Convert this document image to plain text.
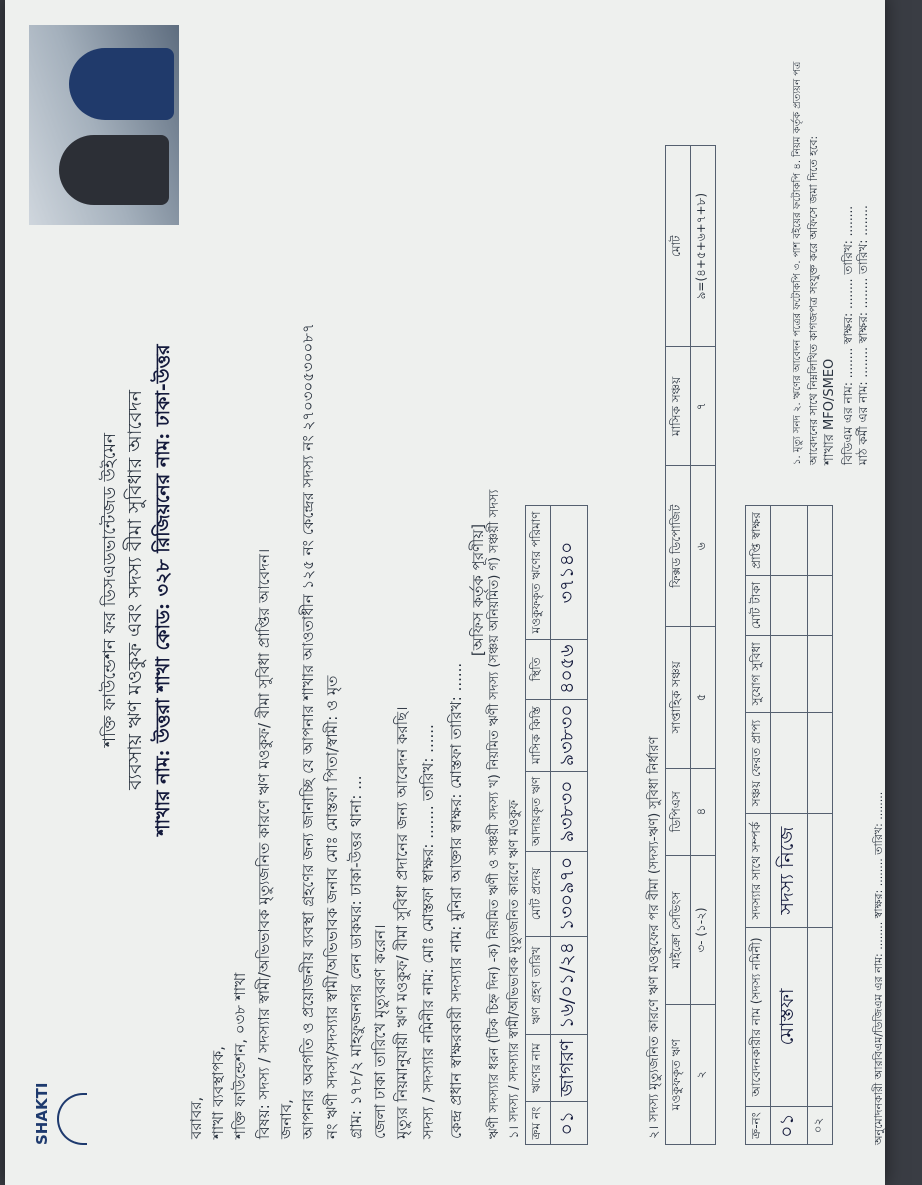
SHAKTI
শক্তি ফাউন্ডেশন ফর ডিসএডভান্টেজড উইমেন ব্যবসায় ঋণ মওকুফ এবং সদস্য বীমা সুবিধার আবেদন শাখার নাম: উত্তরা শাখা কোড: ৩২৮ রিজিয়নের নাম: ঢাকা-উত্তর
বরাবর, শাখা ব্যবস্থাপক, শক্তি ফাউন্ডেশন, ০৩৮ শাখা বিষয়: সদস্য / সদস্যার স্বামী/অভিভাবক মৃত্যুজনিত কারণে ঋণ মওকুফ/ বীমা সুবিধা প্রাপ্তির আবেদন। জনাব, আপনার অবগতি ও প্রয়োজনীয় ব্যবস্থা গ্রহণের জন্য জানাচ্ছি যে আপনার শাখার আওতাধীন ১২৫ নং কেন্দ্রের সদস্য নং ২৭০৩০৫৩০০৮৭ নং ঋণী সদস্য/সদস্যার স্বামী/অভিভাবক জনাব মোঃ মোস্তফা পিতা/স্বামী: ও মৃত গ্রাম: ১৭৮/২ মাহফুজনগর লেন ডাকঘর: ঢাকা-উত্তর থানা: ... জেলা ঢাকা তারিখে মৃত্যুবরণ করেন। মৃত্যুর নিয়মানুযায়ী ঋণ মওকুফ/ বীমা সুবিধা প্রদানের জন্য আবেদন করছি। সদস্য / সদস্যার নমিনীর নাম: মোঃ মোস্তফা স্বাক্ষর: ....... তারিখ: ...... কেন্দ্র প্রধান স্বাক্ষরকারী সদস্যার নাম: মুনিরা আক্তার স্বাক্ষর: মোস্তফা তারিখ: ......
[অফিস কর্তৃক পূরণীয়] ঋণী সদস্যার ধরন (টিক চিহ্ন দিন) -ক) নিয়মিত ঋণী ও সঞ্চয়ী সদস্য খ) নিয়মিত ঋণী সদস্য (সঞ্চয় অনিয়মিত) গ) সঞ্চয়ী সদস্য ১। সদস্য / সদস্যার স্বামী/অভিভাবক মৃত্যুজনিত কারণে ঋণ মওকুফ ক্রম নং	ঋণের নাম	ঋণ গ্রহণ তারিখ	মোট প্রদেয়	আদায়কৃত ঋণ	মাসিক কিস্তি	স্থিতি	মওকুফকৃত ঋণের পরিমাণ
০১	জাগরণ	১৬/০১/২৪	১৩০৯৭০	৯৩৮৩০	৯৩৮৩০	৪০৫৬	৩৭১৪০
২। সদস্য মৃত্যুজনিত কারণে ঋণ মওকুফের পর বীমা (সদস্য-ঋণ) সুবিধা নির্ধারণ মওকুফকৃত ঋণ	মাইক্রো সেভিংস	ডিপিএস	সাপ্তাহিক সঞ্চয়	ফিক্সড ডিপোজিট	মাসিক সঞ্চয়	মোট
২	৩- (১-২)	৪	৫	৬	৭	৯=(৪+৫+৬+৭+৮)
ক্র-নং	আবেদনকারীর নাম (সদস্য নমিনী)	সদস্যার সাথে সম্পর্ক	সঞ্চয় ফেরত প্রাপ্য	সুযোগ সুবিধা	মোট টাকা	প্রাপ্তি স্বাক্ষর
০১	মোস্তফা	সদস্য নিজে				
০২						
শাখার MFO/SMEO বিডিএম এর নাম: ........ স্বাক্ষর: ........ তারিখ: ........ মাঠ কর্মী এর নাম: ........ স্বাক্ষর: ........ তারিখ: ........
অনুমোদনকারী আরবিএম/ডিজিএম এর নাম: ........ স্বাক্ষর: ........ তারিখ: ........
আবেদনের সাথে নিম্নলিখিত কাগজপত্র সংযুক্ত করে অফিসে জমা দিতে হবে:
১. মৃত্যু সনদ ২. ঋণের আবেদন পত্রের ফটোকপি ৩. পাশ বইয়ের ফটোকপি ৪. নিয়ম কর্তৃক প্রত্যয়ন পত্র
